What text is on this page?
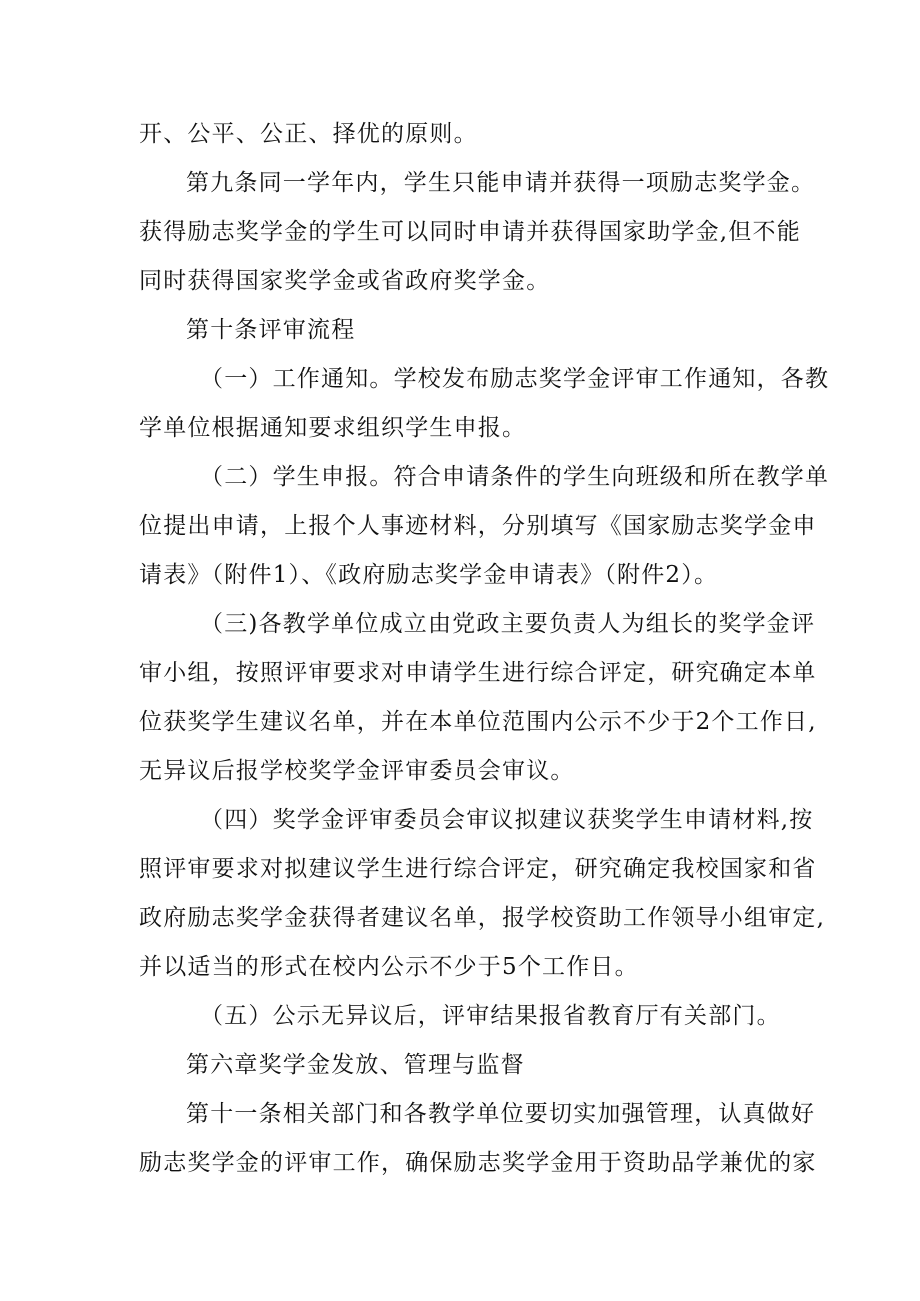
开、公平、公正、择优的原则。
第九条同一学年内，学生只能申请并获得一项励志奖学金。
获得励志奖学金的学生可以同时申请并获得国家助学金,但不能
同时获得国家奖学金或省政府奖学金。
第十条评审流程
（一）工作通知。学校发布励志奖学金评审工作通知，各教
学单位根据通知要求组织学生申报。
（二）学生申报。符合申请条件的学生向班级和所在教学单
位提出申请，上报个人事迹材料，分别填写《国家励志奖学金申
请表》（附件1）、《政府励志奖学金申请表》（附件2）。
（三)各教学单位成立由党政主要负责人为组长的奖学金评
审小组，按照评审要求对申请学生进行综合评定，研究确定本单
位获奖学生建议名单，并在本单位范围内公示不少于2个工作日,
无异议后报学校奖学金评审委员会审议。
（四）奖学金评审委员会审议拟建议获奖学生申请材料,按
照评审要求对拟建议学生进行综合评定，研究确定我校国家和省
政府励志奖学金获得者建议名单，报学校资助工作领导小组审定,
并以适当的形式在校内公示不少于5个工作日。
（五）公示无异议后，评审结果报省教育厅有关部门。
第六章奖学金发放、管理与监督
第十一条相关部门和各教学单位要切实加强管理，认真做好
励志奖学金的评审工作，确保励志奖学金用于资助品学兼优的家
